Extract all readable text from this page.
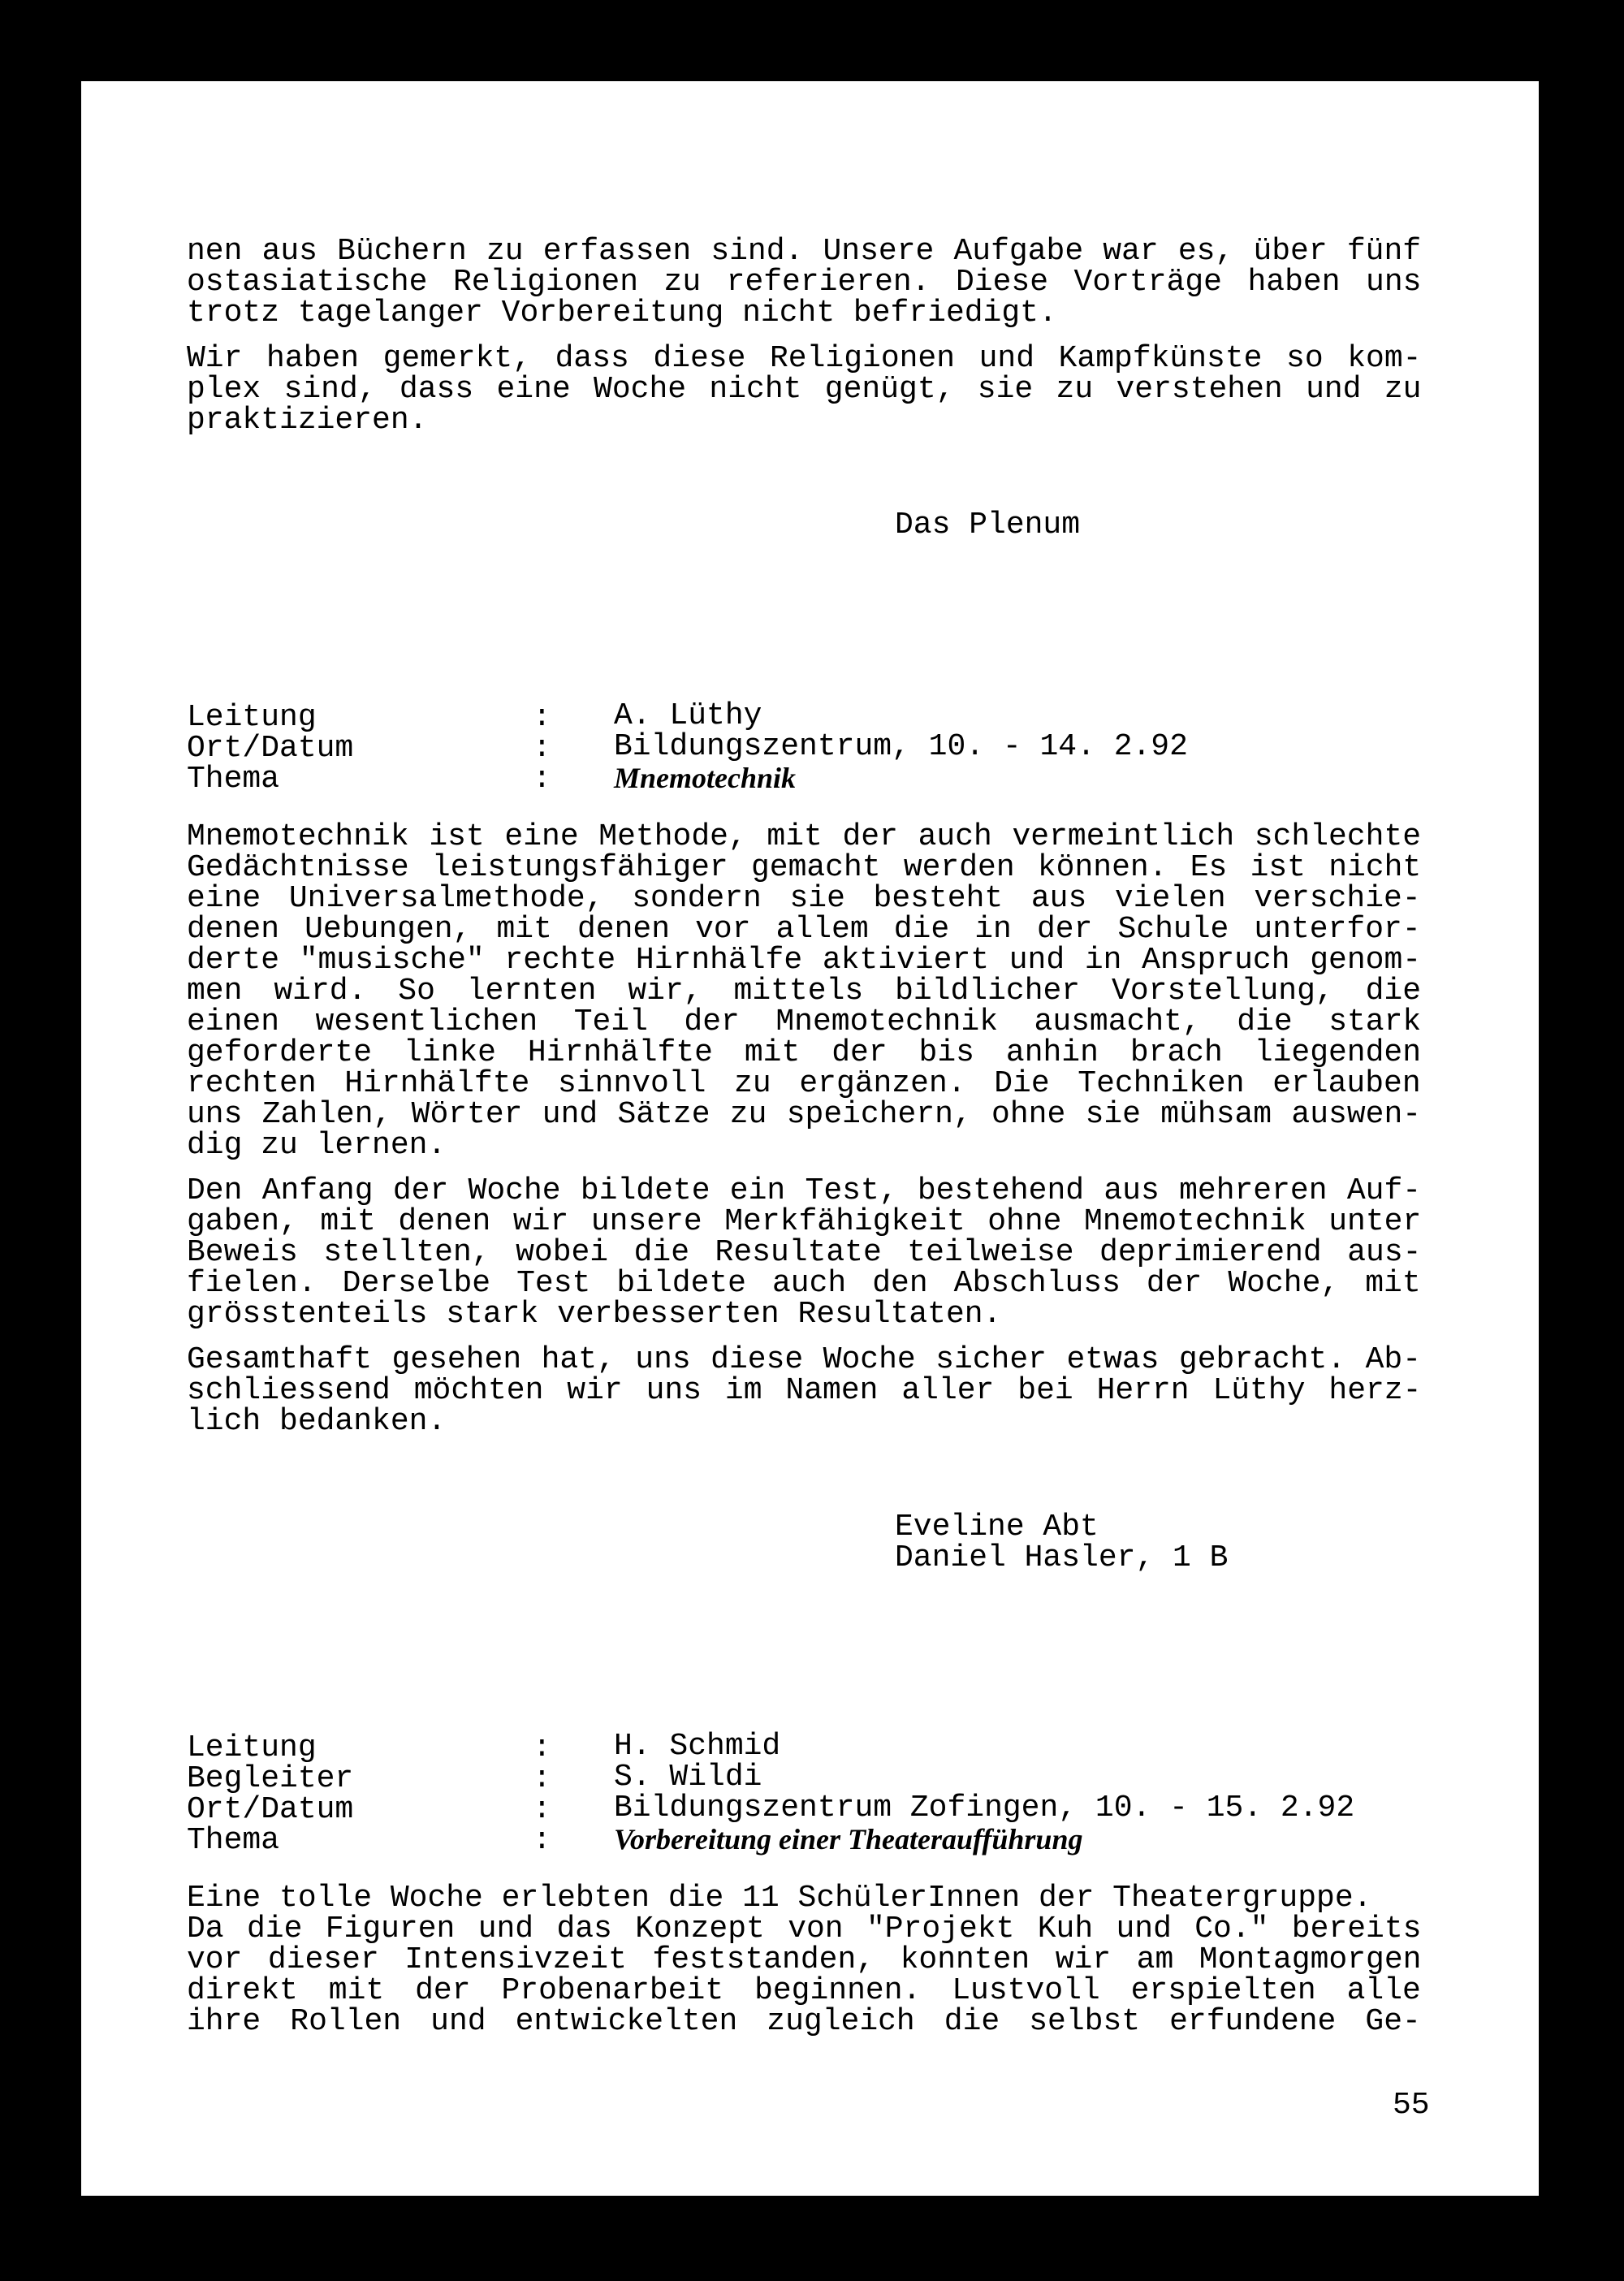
nen aus Büchern zu erfassen sind. Unsere Aufgabe war es, über fünf
ostasiatische Religionen zu referieren. Diese Vorträge haben uns
trotz tagelanger Vorbereitung nicht befriedigt.
Wir haben gemerkt, dass diese Religionen und Kampfkünste so kom-
plex sind, dass eine Woche nicht genügt, sie zu verstehen und zu
praktizieren.
Das Plenum
Leitung	: A. Lüthy
Ort/Datum	: Bildungszentrum, 10. - 14. 2.92
Thema	: Mnemotechnik
Mnemotechnik ist eine Methode, mit der auch vermeintlich schlechte
Gedächtnisse leistungsfähiger gemacht werden können. Es ist nicht
eine Universalmethode, sondern sie besteht aus vielen verschie-
denen Uebungen, mit denen vor allem die in der Schule unterfor-
derte "musische" rechte Hirnhälfe aktiviert und in Anspruch genom-
men wird. So lernten wir, mittels bildlicher Vorstellung, die
einen wesentlichen Teil der Mnemotechnik ausmacht, die stark
geforderte linke Hirnhälfte mit der bis anhin brach liegenden
rechten Hirnhälfte sinnvoll zu ergänzen. Die Techniken erlauben
uns Zahlen, Wörter und Sätze zu speichern, ohne sie mühsam auswen-
dig zu lernen.
Den Anfang der Woche bildete ein Test, bestehend aus mehreren Auf-
gaben, mit denen wir unsere Merkfähigkeit ohne Mnemotechnik unter
Beweis stellten, wobei die Resultate teilweise deprimierend aus-
fielen. Derselbe Test bildete auch den Abschluss der Woche, mit
grösstenteils stark verbesserten Resultaten.
Gesamthaft gesehen hat, uns diese Woche sicher etwas gebracht. Ab-
schliessend möchten wir uns im Namen aller bei Herrn Lüthy herz-
lich bedanken.
Eveline Abt
Daniel Hasler, 1 B
Leitung	: H. Schmid
Begleiter	: S. Wildi
Ort/Datum	: Bildungszentrum Zofingen, 10. - 15. 2.92
Thema	: Vorbereitung einer Theateraufführung
Eine tolle Woche erlebten die 11 SchülerInnen der Theatergruppe.
Da die Figuren und das Konzept von "Projekt Kuh und Co." bereits
vor dieser Intensivzeit feststanden, konnten wir am Montagmorgen
direkt mit der Probenarbeit beginnen. Lustvoll erspielten alle
ihre Rollen und entwickelten zugleich die selbst erfundene Ge-
55
